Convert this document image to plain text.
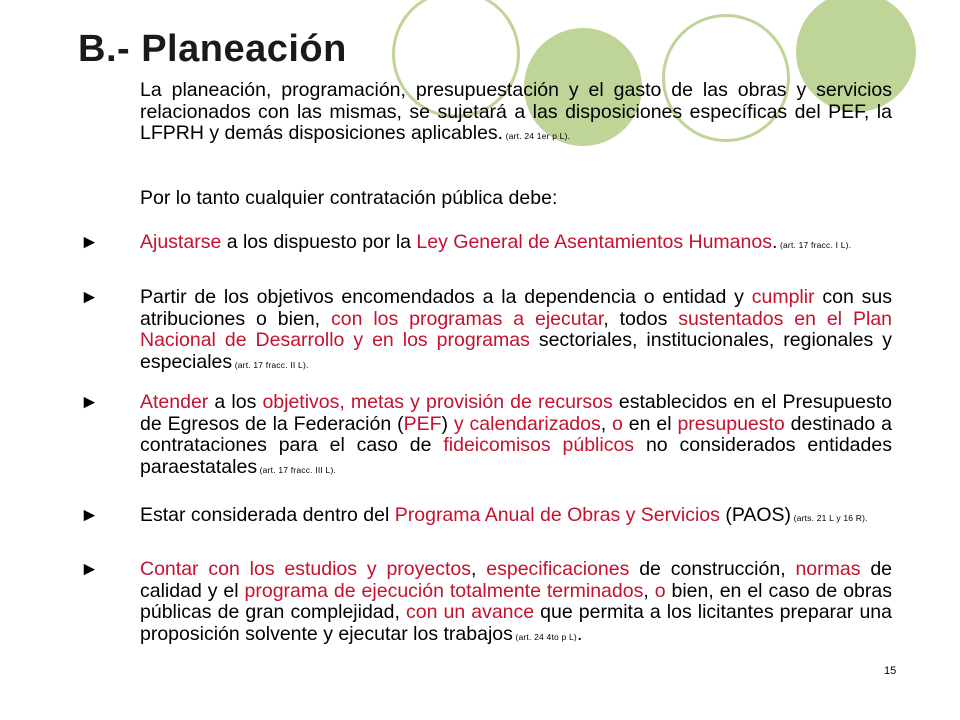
B.- Planeación
La planeación, programación, presupuestación y el gasto de las obras y servicios relacionados con las mismas, se sujetará a las disposiciones específicas del PEF, la LFPRH y demás disposiciones aplicables. (art. 24 1er p L).
Por lo tanto cualquier contratación pública debe:
► Ajustarse a los dispuesto por la Ley General de Asentamientos Humanos. (art. 17 fracc. I L).
► Partir de los objetivos encomendados a la dependencia o entidad y cumplir con sus atribuciones o bien, con los programas a ejecutar, todos sustentados en el Plan Nacional de Desarrollo y en los programas sectoriales, institucionales, regionales y especiales (art. 17 fracc. II L).
► Atender a los objetivos, metas y provisión de recursos establecidos en el Presupuesto de Egresos de la Federación (PEF) y calendarizados, o en el presupuesto destinado a contrataciones para el caso de fideicomisos públicos no considerados entidades paraestatales (art. 17 fracc. III L).
► Estar considerada dentro del Programa Anual de Obras y Servicios (PAOS) (arts. 21 L y 16 R).
► Contar con los estudios y proyectos, especificaciones de construcción, normas de calidad y el programa de ejecución totalmente terminados, o bien, en el caso de obras públicas de gran complejidad, con un avance que permita a los licitantes preparar una proposición solvente y ejecutar los trabajos (art. 24 4to p L).
15
